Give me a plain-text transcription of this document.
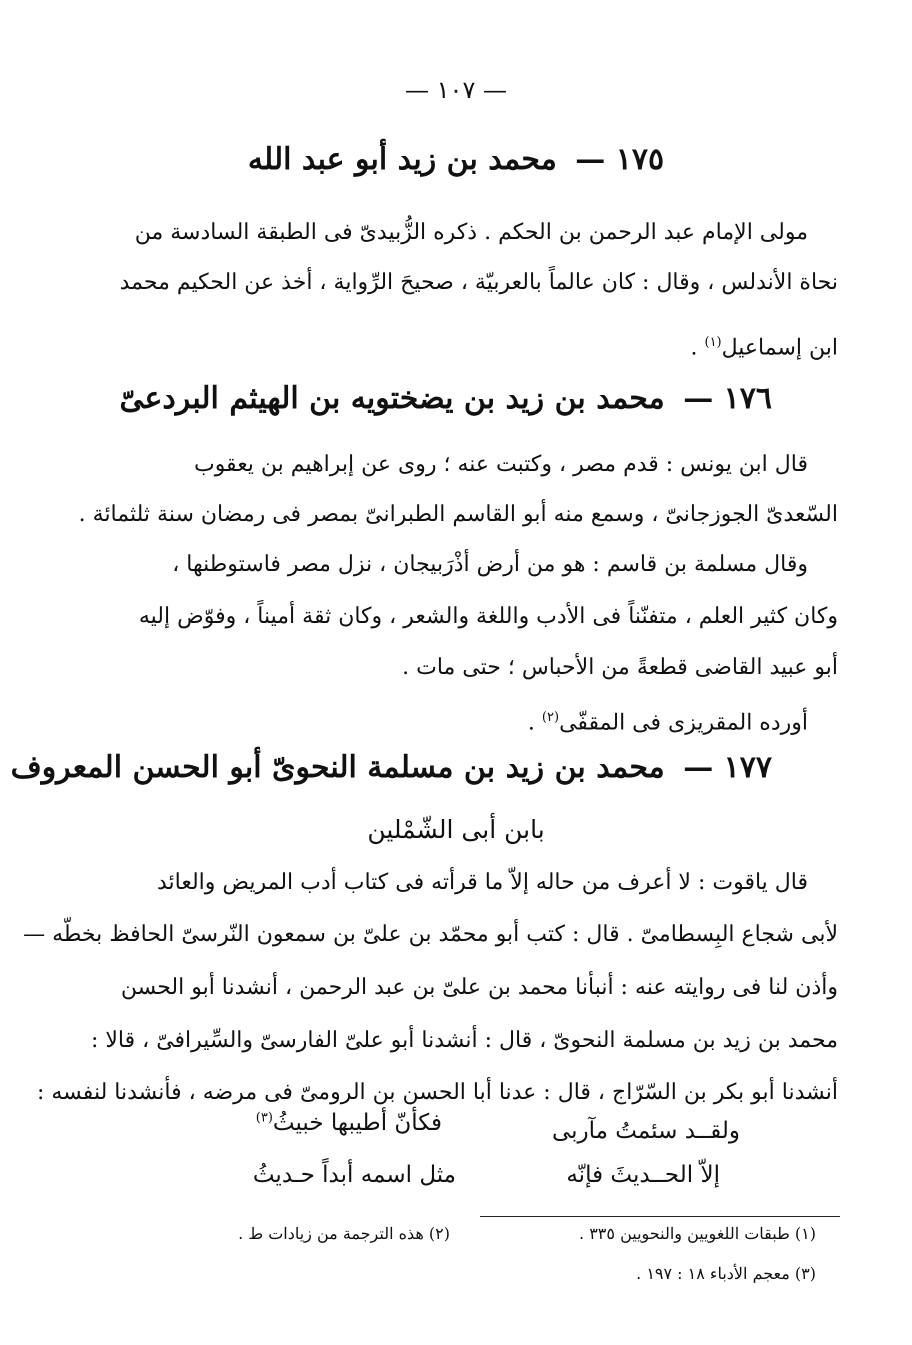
— ١٠٧ —
١٧٥ — محمد بن زيد أبو عبد الله
مولى الإمام عبد الرحمن بن الحكم . ذكره الزُّبيدىّ فى الطبقة السادسة من
نحاة الأندلس ، وقال : كان عالماً بالعربيّة ، صحيحَ الرِّواية ، أخذ عن الحكيم محمد
ابن إسماعيل$^{(١)}$ .
١٧٦ — محمد بن زيد بن يضختويه بن الهيثم البردعىّ
قال ابن يونس : قدم مصر ، وكتبت عنه ؛ روى عن إبراهيم بن يعقوب
السّعدىّ الجوزجانىّ ، وسمع منه أبو القاسم الطبرانىّ بمصر فى رمضان سنة ثلثمائة .
وقال مسلمة بن قاسم : هو من أرض أذْرَبيجان ، نزل مصر فاستوطنها ،
وكان كثير العلم ، متفنّناً فى الأدب واللغة والشعر ، وكان ثقة أميناً ، وفوّض إليه
أبو عبيد القاضى قطعةً من الأحباس ؛ حتى مات .
أورده المقريزى فى المقفّى$^{(٢)}$ .
١٧٧ — محمد بن زيد بن مسلمة النحوىّ أبو الحسن المعروف
بابن أبى الشّمْلين
قال ياقوت : لا أعرف من حاله إلاّ ما قرأته فى كتاب أدب المريض والعائد
لأبى شجاع البِسطامىّ . قال : كتب أبو محمّد بن علىّ بن سمعون النّرسىّ الحافظ بخطّه —
وأذن لنا فى روايته عنه : أنبأنا محمد بن علىّ بن عبد الرحمن ، أنشدنا أبو الحسن
محمد بن زيد بن مسلمة النحوىّ ، قال : أنشدنا أبو علىّ الفارسىّ والسِّيرافىّ ، قالا :
أنشدنا أبو بكر بن السّرّاج ، قال : عدنا أبا الحسن بن الرومىّ فى مرضه ، فأنشدنا لنفسه :
ولقــد سئمتُ مآربى
فكأنّ أطيبها خبيثُ$^{(٣)}$
إلاّ الحــديثَ فإنّه
مثل اسمه أبداً حـديثُ
(١) طبقات اللغويين والنحويين ٣٣٥ .
(٢) هذه الترجمة من زيادات ط .
(٣) معجم الأدباء ١٨ : ١٩٧ .
